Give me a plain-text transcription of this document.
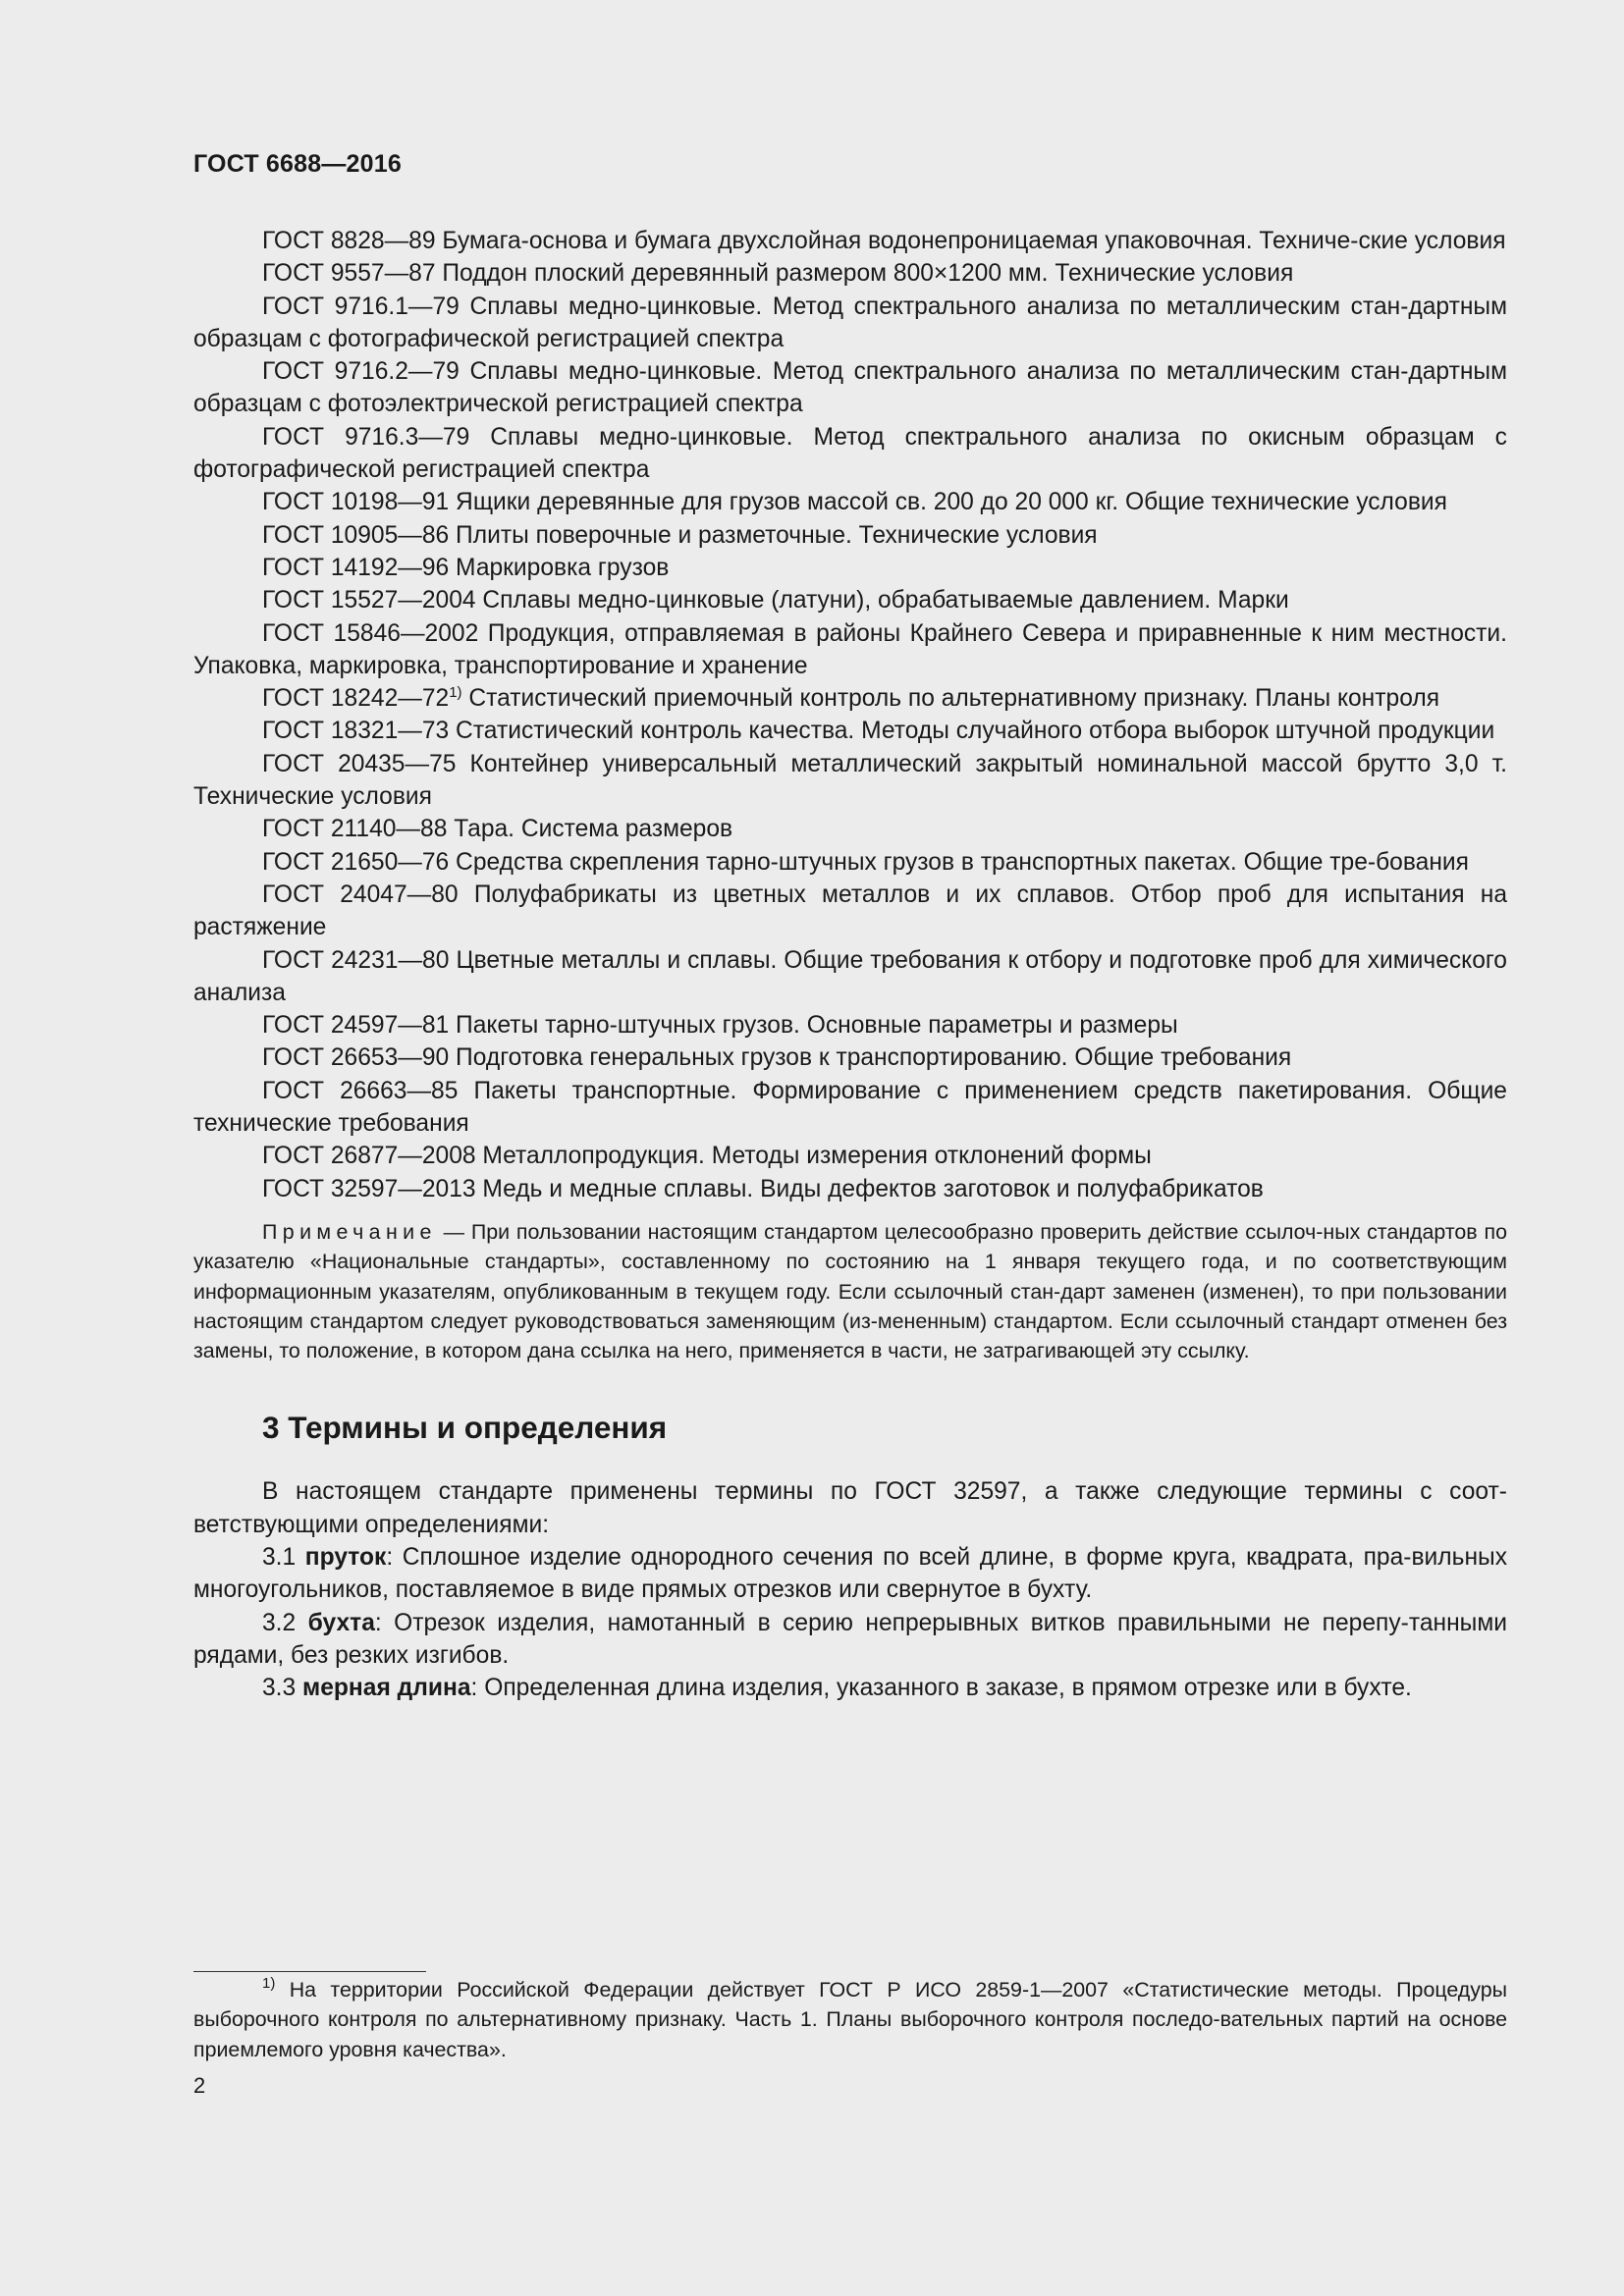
ГОСТ 6688—2016

ГОСТ 8828—89 Бумага-основа и бумага двухслойная водонепроницаемая упаковочная. Техниче-ские условия

ГОСТ 9557—87 Поддон плоский деревянный размером 800×1200 мм. Технические условия

ГОСТ 9716.1—79 Сплавы медно-цинковые. Метод спектрального анализа по металлическим стан-дартным образцам с фотографической регистрацией спектра

ГОСТ 9716.2—79 Сплавы медно-цинковые. Метод спектрального анализа по металлическим стан-дартным образцам с фотоэлектрической регистрацией спектра

ГОСТ 9716.3—79 Сплавы медно-цинковые. Метод спектрального анализа по окисным образцам с фотографической регистрацией спектра

ГОСТ 10198—91 Ящики деревянные для грузов массой св. 200 до 20 000 кг. Общие технические условия

ГОСТ 10905—86 Плиты поверочные и разметочные. Технические условия

ГОСТ 14192—96 Маркировка грузов

ГОСТ 15527—2004 Сплавы медно-цинковые (латуни), обрабатываемые давлением. Марки

ГОСТ 15846—2002 Продукция, отправляемая в районы Крайнего Севера и приравненные к ним местности. Упаковка, маркировка, транспортирование и хранение

ГОСТ 18242—72$^{1)}$ Статистический приемочный контроль по альтернативному признаку. Планы контроля

ГОСТ 18321—73 Статистический контроль качества. Методы случайного отбора выборок штучной продукции

ГОСТ 20435—75 Контейнер универсальный металлический закрытый номинальной массой брутто 3,0 т. Технические условия

ГОСТ 21140—88 Тара. Система размеров

ГОСТ 21650—76 Средства скрепления тарно-штучных грузов в транспортных пакетах. Общие тре-бования

ГОСТ 24047—80 Полуфабрикаты из цветных металлов и их сплавов. Отбор проб для испытания на растяжение

ГОСТ 24231—80 Цветные металлы и сплавы. Общие требования к отбору и подготовке проб для химического анализа

ГОСТ 24597—81 Пакеты тарно-штучных грузов. Основные параметры и размеры

ГОСТ 26653—90 Подготовка генеральных грузов к транспортированию. Общие требования

ГОСТ 26663—85 Пакеты транспортные. Формирование с применением средств пакетирования. Общие технические требования

ГОСТ 26877—2008 Металлопродукция. Методы измерения отклонений формы

ГОСТ 32597—2013 Медь и медные сплавы. Виды дефектов заготовок и полуфабрикатов

Примечание — При пользовании настоящим стандартом целесообразно проверить действие ссылоч-ных стандартов по указателю «Национальные стандарты», составленному по состоянию на 1 января текущего года, и по соответствующим информационным указателям, опубликованным в текущем году. Если ссылочный стан-дарт заменен (изменен), то при пользовании настоящим стандартом следует руководствоваться заменяющим (из-мененным) стандартом. Если ссылочный стандарт отменен без замены, то положение, в котором дана ссылка на него, применяется в части, не затрагивающей эту ссылку.

3 Термины и определения

В настоящем стандарте применены термины по ГОСТ 32597, а также следующие термины с соот-ветствующими определениями:

3.1 пруток: Сплошное изделие однородного сечения по всей длине, в форме круга, квадрата, пра-вильных многоугольников, поставляемое в виде прямых отрезков или свернутое в бухту.

3.2 бухта: Отрезок изделия, намотанный в серию непрерывных витков правильными не перепу-танными рядами, без резких изгибов.

3.3 мерная длина: Определенная длина изделия, указанного в заказе, в прямом отрезке или в бухте.

$^{1)}$ На территории Российской Федерации действует ГОСТ Р ИСО 2859-1—2007 «Статистические методы. Процедуры выборочного контроля по альтернативному признаку. Часть 1. Планы выборочного контроля последо-вательных партий на основе приемлемого уровня качества».

2
